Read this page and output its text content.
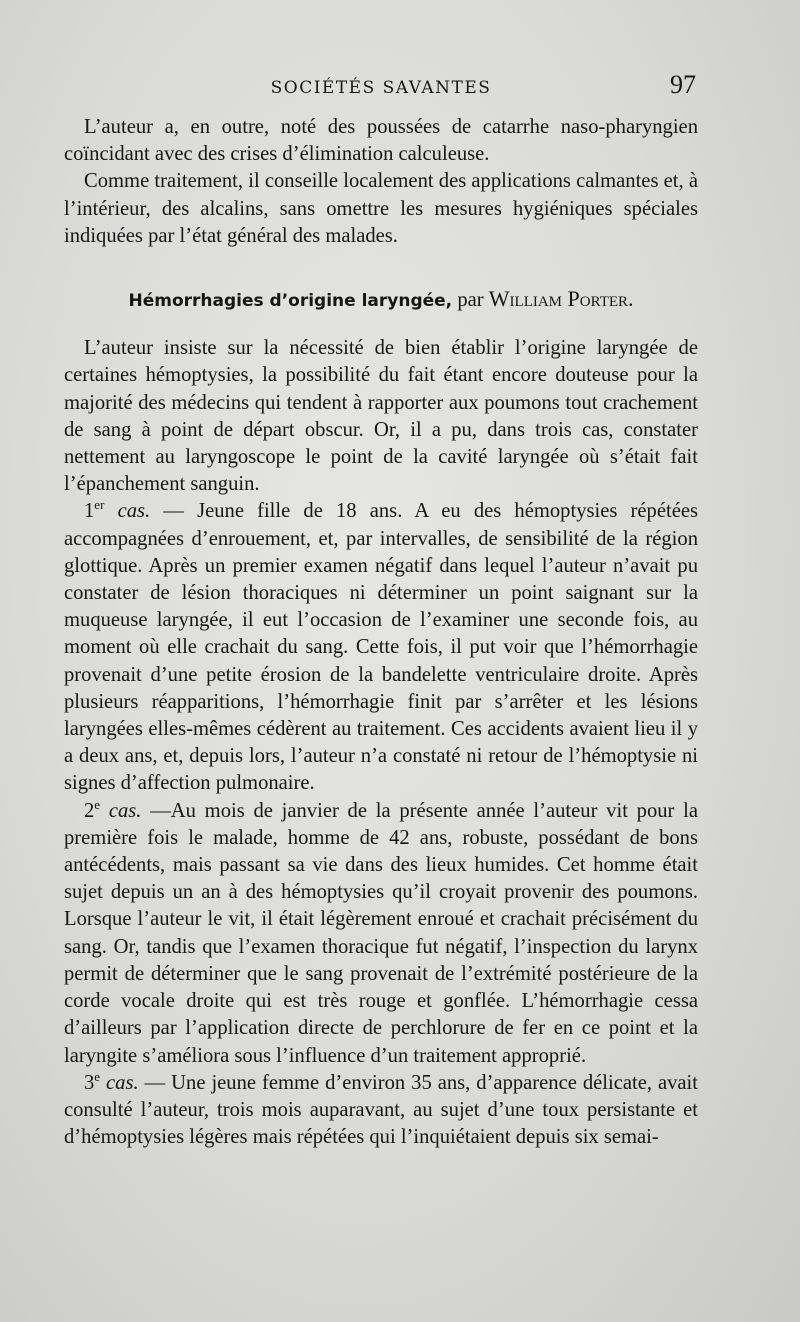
SOCIÉTÉS SAVANTES	97

L’auteur a, en outre, noté des poussées de catarrhe naso-pharyngien coïncidant avec des crises d’élimination calculeuse.

Comme traitement, il conseille localement des applications calmantes et, à l’intérieur, des alcalins, sans omettre les mesures hygiéniques spéciales indiquées par l’état général des malades.

Hémorrhagies d’origine laryngée, par William Porter.

L’auteur insiste sur la nécessité de bien établir l’origine laryngée de certaines hémoptysies, la possibilité du fait étant encore douteuse pour la majorité des médecins qui tendent à rapporter aux poumons tout crachement de sang à point de départ obscur. Or, il a pu, dans trois cas, constater nettement au laryngoscope le point de la cavité laryngée où s’était fait l’épanchement sanguin.

1er cas. — Jeune fille de 18 ans. A eu des hémoptysies répétées accompagnées d’enrouement, et, par intervalles, de sensibilité de la région glottique. Après un premier examen négatif dans lequel l’auteur n’avait pu constater de lésion thoraciques ni déterminer un point saignant sur la muqueuse laryngée, il eut l’occasion de l’examiner une seconde fois, au moment où elle crachait du sang. Cette fois, il put voir que l’hémorrhagie provenait d’une petite érosion de la bandelette ventriculaire droite. Après plusieurs réapparitions, l’hémorrhagie finit par s’arrêter et les lésions laryngées elles-mêmes cédèrent au traitement. Ces accidents avaient lieu il y a deux ans, et, depuis lors, l’auteur n’a constaté ni retour de l’hémoptysie ni signes d’affection pulmonaire.

2e cas. —Au mois de janvier de la présente année l’auteur vit pour la première fois le malade, homme de 42 ans, robuste, possédant de bons antécédents, mais passant sa vie dans des lieux humides. Cet homme était sujet depuis un an à des hémoptysies qu’il croyait provenir des poumons. Lorsque l’auteur le vit, il était légèrement enroué et crachait précisément du sang. Or, tandis que l’examen thoracique fut négatif, l’inspection du larynx permit de déterminer que le sang provenait de l’extrémité postérieure de la corde vocale droite qui est très rouge et gonflée. L’hémorrhagie cessa d’ailleurs par l’application directe de perchlorure de fer en ce point et la laryngite s’améliora sous l’influence d’un traitement approprié.

3e cas. — Une jeune femme d’environ 35 ans, d’apparence délicate, avait consulté l’auteur, trois mois auparavant, au sujet d’une toux persistante et d’hémoptysies légères mais répétées qui l’inquiétaient depuis six semai-
